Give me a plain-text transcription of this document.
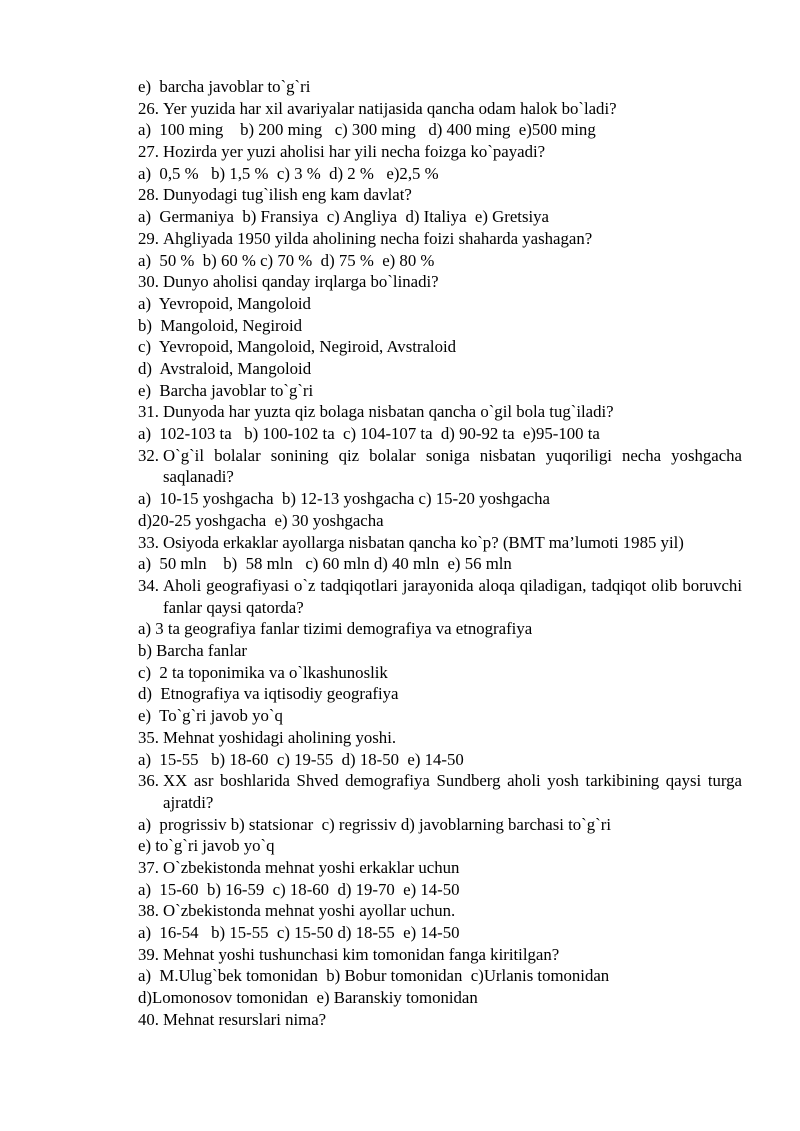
e)  barcha javoblar to`g`ri
26. Yer yuzida har xil avariyalar natijasida qancha odam halok bo`ladi?
a)  100 ming    b) 200 ming   c) 300 ming   d) 400 ming  e)500 ming
27. Hozirda yer yuzi aholisi har yili necha foizga ko`payadi?
a)  0,5 %   b) 1,5 %  c) 3 %  d) 2 %   e)2,5 %
28. Dunyodagi tug`ilish eng kam davlat?
a)  Germaniya  b) Fransiya  c) Angliya  d) Italiya  e) Gretsiya
29. Ahgliyada 1950 yilda aholining necha foizi shaharda yashagan?
a)  50 %  b) 60 % c) 70 %  d) 75 %  e) 80 %
30. Dunyo aholisi qanday irqlarga bo`linadi?
a)  Yevropoid, Mangoloid
b)  Mangoloid, Negiroid
c)  Yevropoid, Mangoloid, Negiroid, Avstraloid
d)  Avstraloid, Mangoloid
e)  Barcha javoblar to`g`ri
31. Dunyoda har yuzta qiz bolaga nisbatan qancha o`gil bola tug`iladi?
a)  102-103 ta   b) 100-102 ta  c) 104-107 ta  d) 90-92 ta  e)95-100 ta
32. O`g`il bolalar sonining qiz bolalar soniga nisbatan yuqoriligi necha yoshgacha saqlanadi?
a)  10-15 yoshgacha  b) 12-13 yoshgacha c) 15-20 yoshgacha
d)20-25 yoshgacha  e) 30 yoshgacha
33. Osiyoda erkaklar ayollarga nisbatan qancha ko`p? (BMT ma’lumoti 1985 yil)
a)  50 mln    b)  58 mln   c) 60 mln d) 40 mln  e) 56 mln
34. Aholi geografiyasi o`z tadqiqotlari jarayonida aloqa qiladigan, tadqiqot olib boruvchi fanlar qaysi qatorda?
a) 3 ta geografiya fanlar tizimi demografiya va etnografiya
b) Barcha fanlar
c)  2 ta toponimika va o`lkashunoslik
d)  Etnografiya va iqtisodiy geografiya
e)  To`g`ri javob yo`q
35. Mehnat yoshidagi aholining yoshi.
a)  15-55   b) 18-60  c) 19-55  d) 18-50  e) 14-50
36. XX asr boshlarida Shved demografiya Sundberg aholi yosh tarkibining qaysi turga ajratdi?
a)  progrissiv b) statsionar  c) regrissiv d) javoblarning barchasi to`g`ri
e) to`g`ri javob yo`q
37. O`zbekistonda mehnat yoshi erkaklar uchun
a)  15-60  b) 16-59  c) 18-60  d) 19-70  e) 14-50
38. O`zbekistonda mehnat yoshi ayollar uchun.
a)  16-54   b) 15-55  c) 15-50 d) 18-55  e) 14-50
39. Mehnat yoshi tushunchasi kim tomonidan fanga kiritilgan?
a)  M.Ulug`bek tomonidan  b) Bobur tomonidan  c)Urlanis tomonidan
d)Lomonosov tomonidan  e) Baranskiy tomonidan
40. Mehnat resurslari nima?
